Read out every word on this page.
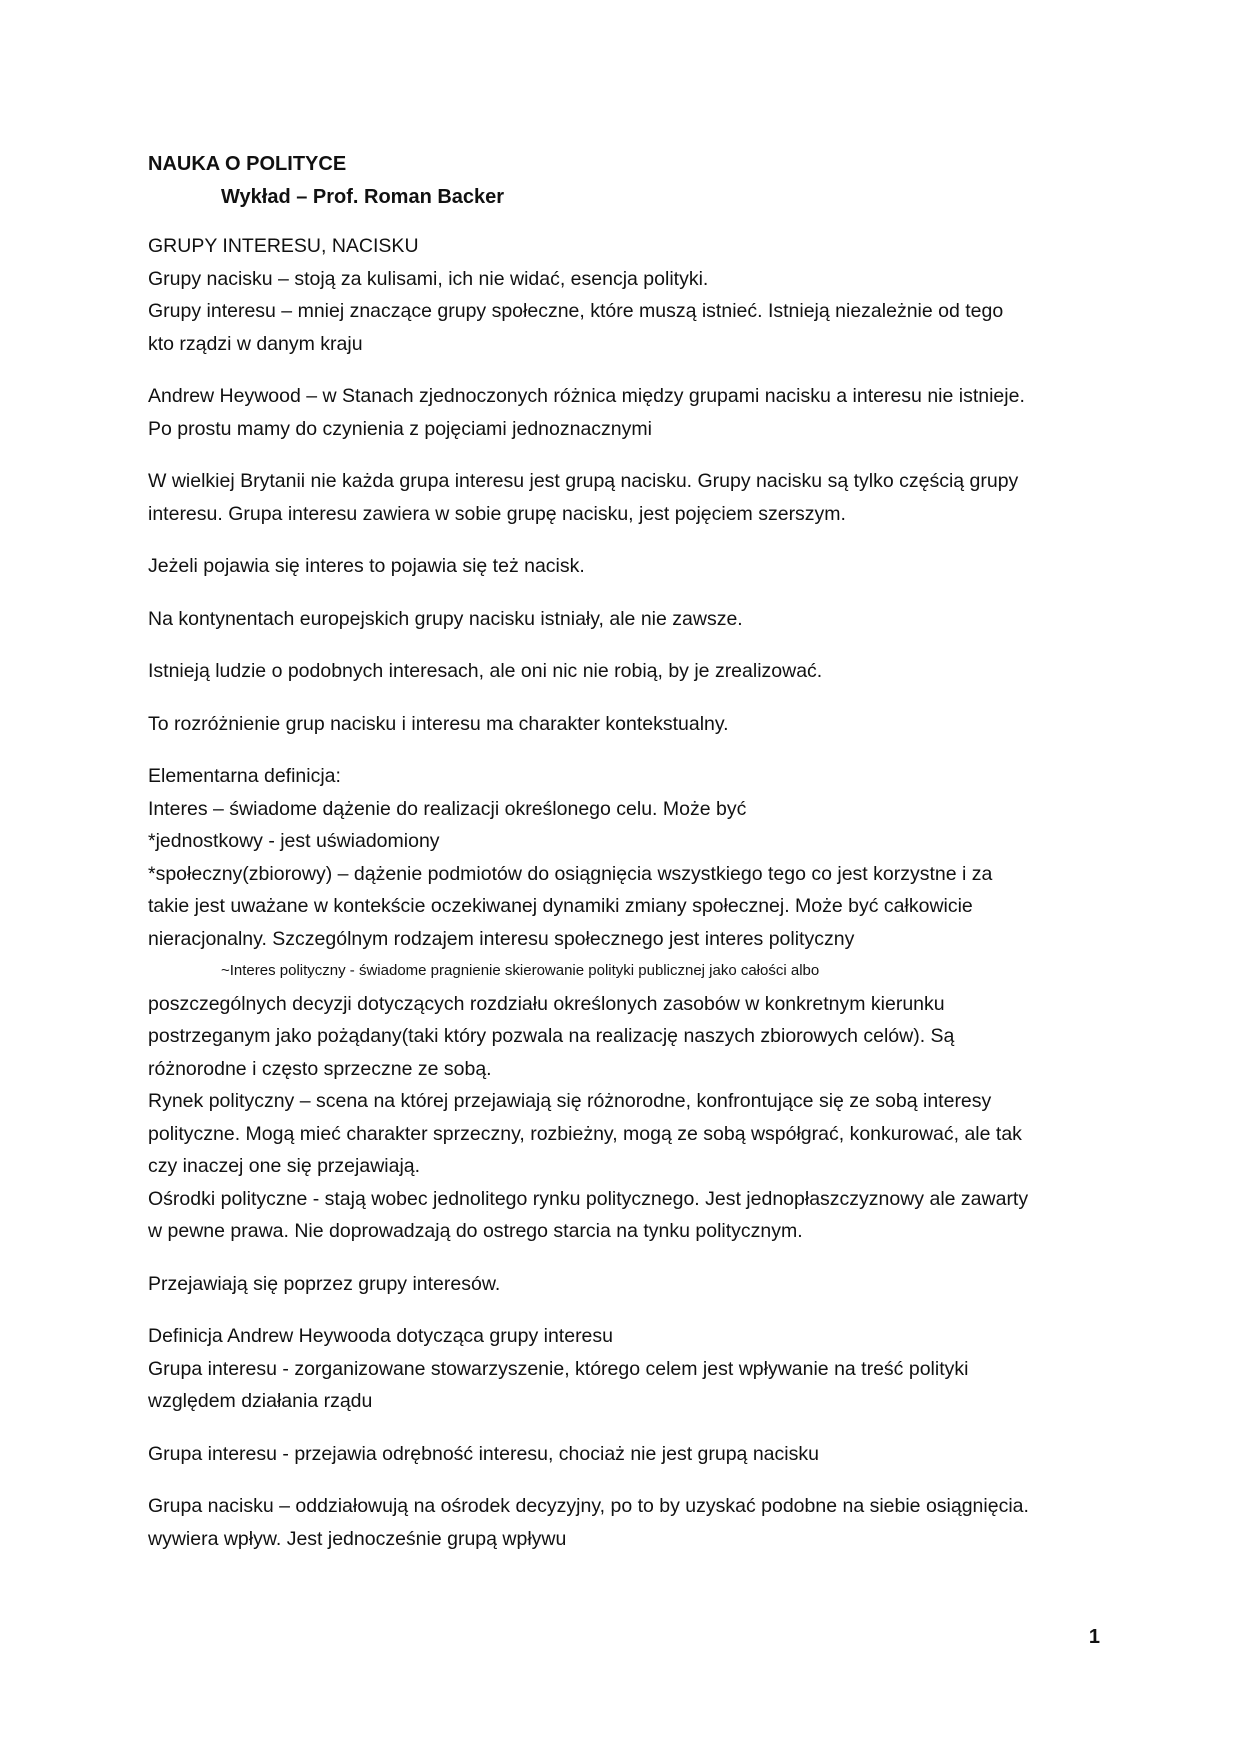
NAUKA O POLITYCE

Wykład – Prof. Roman Backer

GRUPY INTERESU, NACISKU

Grupy nacisku – stoją za kulisami, ich nie widać, esencja polityki.

Grupy interesu – mniej znaczące grupy społeczne, które muszą istnieć. Istnieją niezależnie od tego

kto rządzi w danym kraju

Andrew Heywood – w Stanach zjednoczonych różnica między grupami nacisku a interesu nie istnieje.

Po prostu mamy do czynienia z pojęciami jednoznacznymi

W wielkiej Brytanii nie każda grupa interesu jest grupą nacisku. Grupy nacisku są tylko częścią grupy

interesu. Grupa interesu zawiera w sobie grupę nacisku, jest pojęciem szerszym.

Jeżeli pojawia się interes to pojawia się też nacisk.

Na kontynentach europejskich grupy nacisku istniały, ale nie zawsze.

Istnieją ludzie o podobnych interesach, ale oni nic nie robią, by je zrealizować.

To rozróżnienie grup nacisku i interesu ma charakter kontekstualny.

Elementarna definicja:

Interes – świadome dążenie do realizacji określonego celu. Może być

*jednostkowy - jest uświadomiony

*społeczny(zbiorowy) – dążenie podmiotów do osiągnięcia wszystkiego tego co jest korzystne i za

takie jest uważane w kontekście oczekiwanej dynamiki zmiany społecznej. Może być całkowicie

nieracjonalny. Szczególnym rodzajem interesu społecznego jest interes polityczny

~Interes polityczny - świadome pragnienie skierowanie polityki publicznej jako całości albo

poszczególnych decyzji dotyczących rozdziału określonych zasobów w konkretnym kierunku

postrzeganym jako pożądany(taki który pozwala na realizację naszych zbiorowych celów). Są

różnorodne i często sprzeczne ze sobą.

Rynek polityczny – scena na której przejawiają się różnorodne, konfrontujące się ze sobą interesy

polityczne. Mogą mieć charakter sprzeczny, rozbieżny, mogą ze sobą współgrać, konkurować, ale tak

czy inaczej one się przejawiają.

Ośrodki polityczne - stają wobec jednolitego rynku politycznego. Jest jednopłaszczyznowy ale zawarty

w pewne prawa. Nie doprowadzają do ostrego starcia na tynku politycznym.

Przejawiają się poprzez grupy interesów.

Definicja Andrew Heywooda dotycząca grupy interesu

Grupa interesu - zorganizowane stowarzyszenie, którego celem jest wpływanie na treść polityki

względem działania rządu

Grupa interesu - przejawia odrębność interesu, chociaż nie jest grupą nacisku

Grupa nacisku – oddziałowują na ośrodek decyzyjny, po to by uzyskać podobne na siebie osiągnięcia.

wywiera wpływ. Jest jednocześnie grupą wpływu

1
